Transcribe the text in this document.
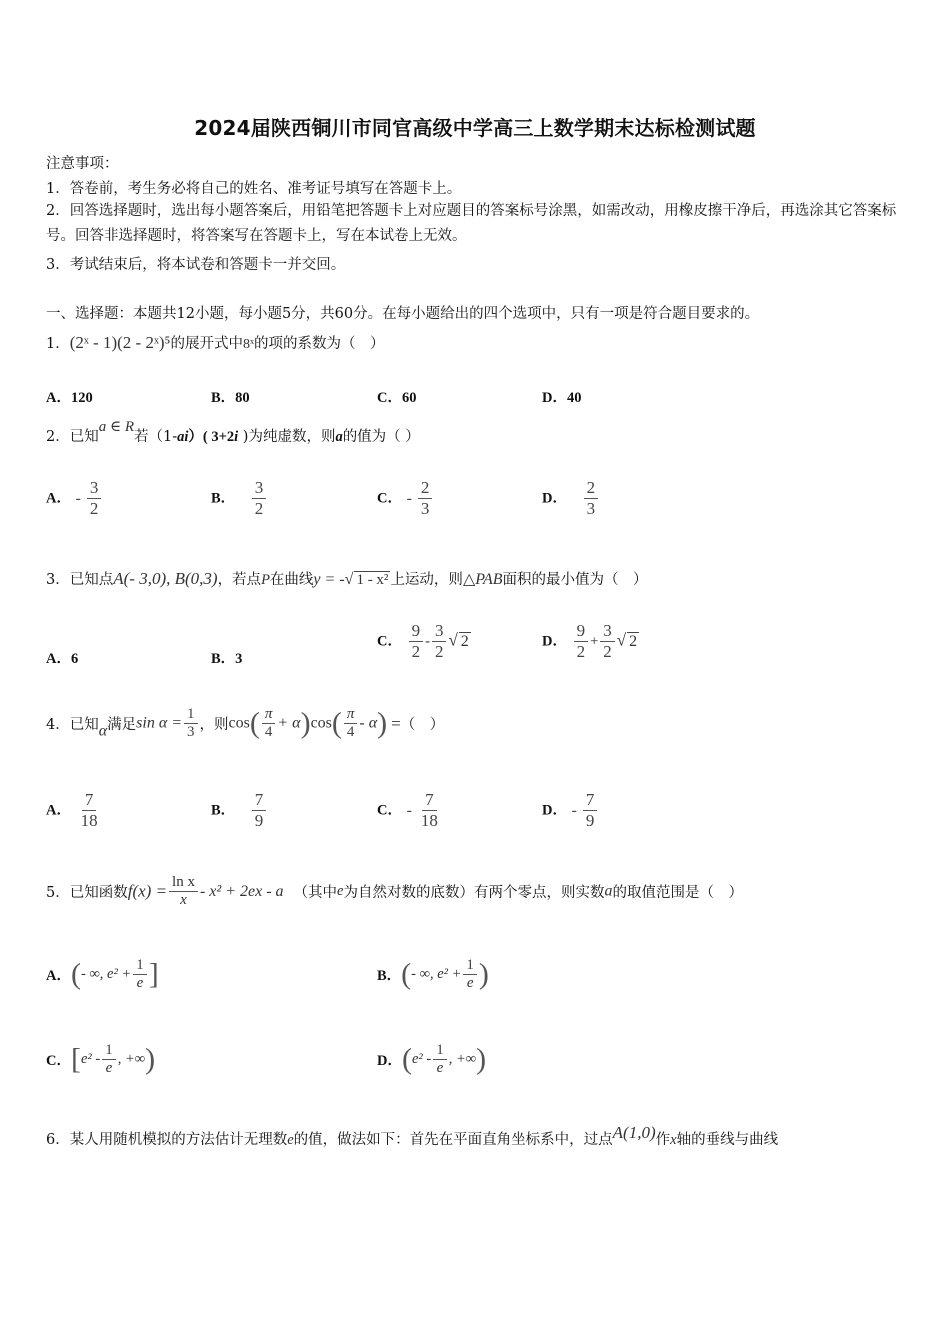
2024届陕西铜川市同官高级中学高三上数学期末达标检测试题
注意事项：
1．答卷前，考生务必将自己的姓名、准考证号填写在答题卡上。
2．回答选择题时，选出每小题答案后，用铅笔把答题卡上对应题目的答案标号涂黑，如需改动，用橡皮擦干净后，再选涂其它答案标号。回答非选择题时，将答案写在答题卡上，写在本试卷上无效。
3．考试结束后，将本试卷和答题卡一并交回。
一、选择题：本题共12小题，每小题5分，共60分。在每小题给出的四个选项中，只有一项是符合题目要求的。
1．(2ˣ - 1)(2 - 2ˣ)⁵的展开式中8ˣ的项的系数为（　）
A．120	B．80	C．60	D．40
2．已知a ∈ R若（1-ai）( 3+2i )为纯虚数，则a的值为（ ）
A． - $\frac{3}{2}$	B． $\frac{3}{2}$	C． - $\frac{2}{3}$	D． $\frac{2}{3}$
3．已知点A(- 3,0), B(0,3)，若点P在曲线y = -√ 1 - x² 上运动，则△PAB面积的最小值为（　）
A．6	B．3
C． $\frac{9}{2} - \frac{3}{2}$ √ 2	D． $\frac{9}{2} + \frac{3}{2}$ √ 2
4．已知α满足$\sin \alpha = \frac{1}{3}$ ，则$\cos( \frac{\pi}{4} + \alpha)\cos( \frac{\pi}{4} - \alpha)$ =（　）
A． $\frac{7}{18}$	B． $\frac{7}{9}$	C． - $\frac{7}{18}$	D． - $\frac{7}{9}$
5．已知函数$f(x) = \frac{\text{ln x}}{x} - x^2 + 2ex - a$ （其中e为自然对数的底数）有两个零点，则实数a的取值范围是（　）
A．(- ∞, $e^2 + \frac{1}{e}$ ]	B．(- ∞, $e^2 + \frac{1}{e}$ )
C．[$e^2 - \frac{1}{e}$ , +∞)	D．($e^2 - \frac{1}{e}$ , +∞)
6．某人用随机模拟的方法估计无理数e的值，做法如下：首先在平面直角坐标系中，过点A(1,0)作x轴的垂线与曲线
